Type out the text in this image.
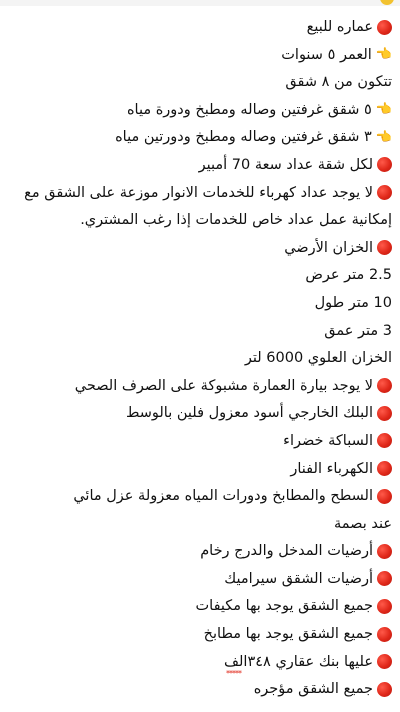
عماره للبيع
👈العمر ٥ سنوات
تتكون من ٨ شقق
👈٥ شقق غرفتين وصاله ومطبخ ودورة مياه
👈٣ شقق غرفتين وصاله ومطبخ ودورتين مياه
لكل شقة عداد سعة 70 أمبير
لا يوجد عداد كهرباء للخدمات الانوار موزعة على الشقق مع إمكانية عمل عداد خاص للخدمات إذا رغب المشتري.
الخزان الأرضي
2.5 متر عرض
10 متر طول
3 متر عمق
الخزان العلوي 6000 لتر
لا يوجد بيارة العمارة مشبوكة على الصرف الصحي
البلك الخارجي أسود معزول فلين بالوسط
السباكة خضراء
الكهرباء الفنار
السطح والمطابخ ودورات المياه معزولة عزل مائي
عند بصمة
أرضيات المدخل والدرج رخام
أرضيات الشقق سيراميك
جميع الشقق يوجد بها مكيفات
جميع الشقق يوجد بها مطابخ
عليها بنك عقاري ٣٤٨الف
*****
جميع الشقق مؤجره
